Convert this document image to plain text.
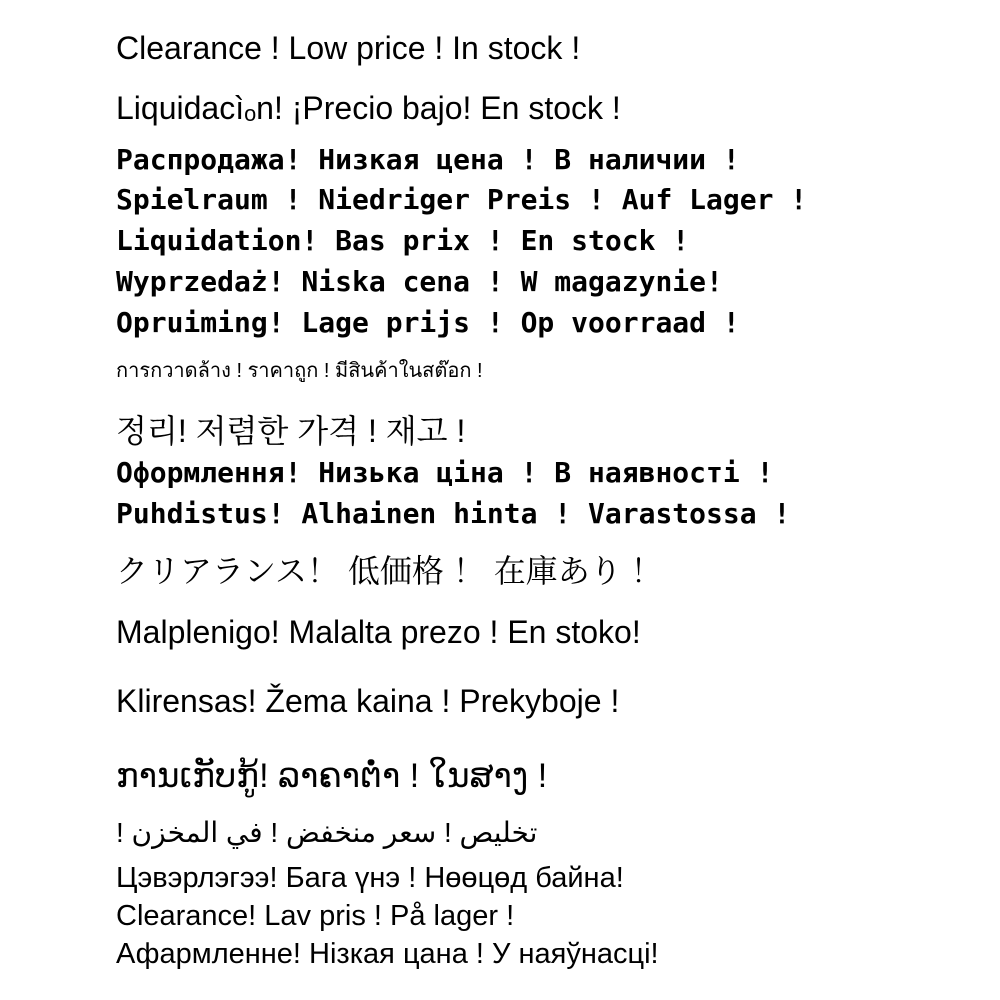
Clearance ! Low price ! In stock !

Liquidacìₒn! ¡Precio bajo! En stock !

Распродажа! Низкая цена ! В наличии !

Spielraum ! Niedriger Preis ! Auf Lager !

Liquidation! Bas prix ! En stock !

Wyprzedaż! Niska cena ! W magazynie!

Opruiming! Lage prijs ! Op voorraad !

การกวาดล้าง ! ราคาถูก ! มีสินค้าในสต๊อก !

정리! 저렴한 가격 ! 재고 !

Оформлення! Низька ціна ! В наявності !

Puhdistus! Alhainen hinta ! Varastossa !

クリアランス！ 低価格 ！ 在庫あり ！

Malplenigo! Malalta prezo ! En stoko!

Klirensas! Žema kaina ! Prekyboje !

ການເກັບກູ້! ລາຄາຕ່ໍາ ! ໃນສາງ !

تخليص ! سعر منخفض ! في المخزن !

Цэвэрлэгээ! Бага үнэ ! Нөөцөд байна!

Clearance! Lav pris ! På lager !

Афармленне! Нізкая цана ! У наяўнасці!
